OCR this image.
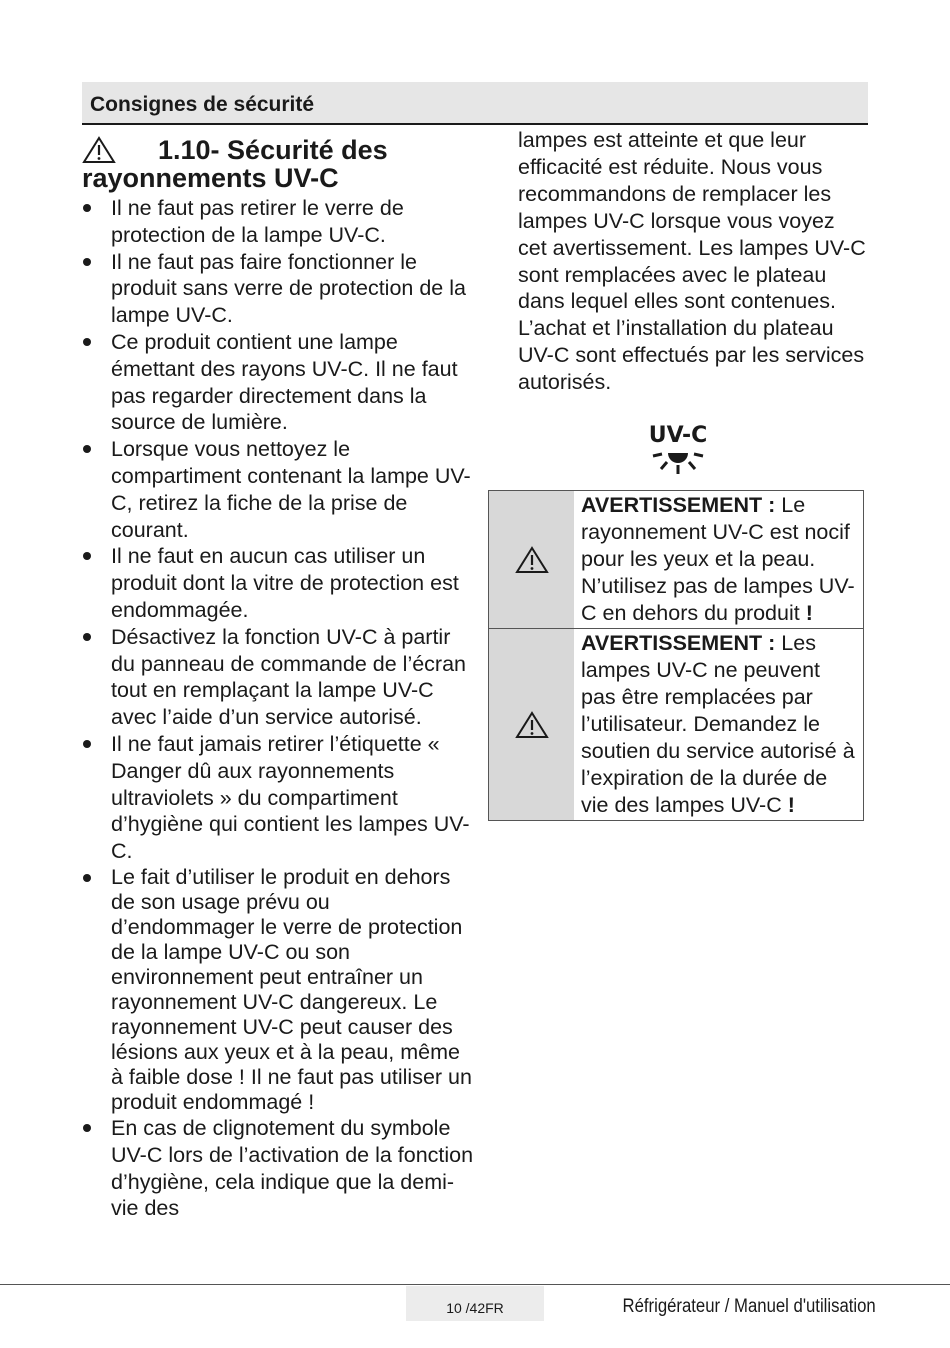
Consignes de sécurité
1.10- Sécurité des
rayonnements UV-C
Il ne faut pas retirer le verre de protection de la lampe UV-C.
Il ne faut pas faire fonctionner le produit sans verre de protection de la lampe UV-C.
Ce produit contient une lampe émettant des rayons UV-C. Il ne faut pas regarder directement dans la source de lumière.
Lorsque vous nettoyez le compartiment contenant la lampe UV-C, retirez la fiche de la prise de courant.
Il ne faut en aucun cas utiliser un produit dont la vitre de protection est endommagée.
Désactivez la fonction UV-C à partir du panneau de commande de l’écran tout en remplaçant la lampe UV-C avec l’aide d’un service autorisé.
Il ne faut jamais retirer l’étiquette « Danger dû aux rayonnements ultraviolets » du compartiment d’hygiène qui contient les lampes UV-C.
Le fait d’utiliser le produit en dehors de son usage prévu ou d’endommager le verre de protection de la lampe UV-C ou son environnement peut entraîner un rayonnement UV-C dangereux. Le rayonnement UV-C peut causer des lésions aux yeux et à la peau, même à faible dose ! Il ne faut pas utiliser un produit endommagé !
En cas de clignotement du symbole UV-C lors de l’activation de la fonction d’hygiène, cela indique que la demi-vie des
lampes est atteinte et que leur efficacité est réduite. Nous vous recommandons de remplacer les lampes UV-C lorsque vous voyez cet avertissement. Les lampes UV-C sont remplacées avec le plateau dans lequel elles sont contenues. L’achat et l’installation du plateau UV-C sont effectués par les services autorisés.
UV-C
AVERTISSEMENT : Le rayonnement UV-C est nocif pour les yeux et la peau. N’utilisez pas de lampes UV-C en dehors du produit !
AVERTISSEMENT : Les lampes UV-C ne peuvent pas être remplacées par l’utilisateur. Demandez le soutien du service autorisé à l’expiration de la durée de vie des lampes UV-C !
10 /42FR	Réfrigérateur / Manuel d'utilisation
